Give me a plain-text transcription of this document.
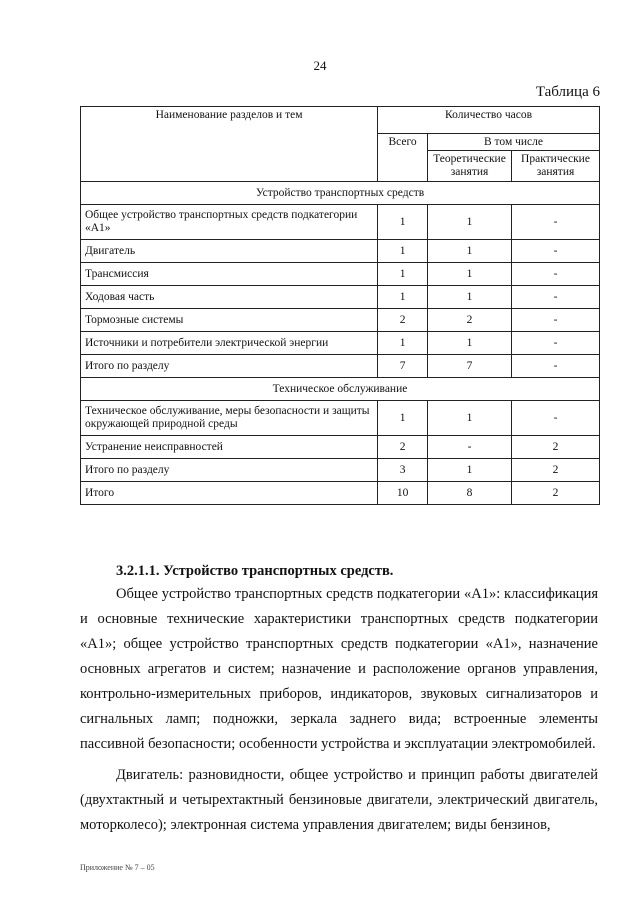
24
Таблица 6
Наименование разделов и тем	Количество часов		
	Всего	В том числе	
		Теоретические занятия	Практические занятия
Устройство транспортных средств			
Общее устройство транспортных средств подкатегории «А1»	1	1	-
Двигатель	1	1	-
Трансмиссия	1	1	-
Ходовая часть	1	1	-
Тормозные системы	2	2	-
Источники и потребители электрической энергии	1	1	-
Итого по разделу	7	7	-
Техническое обслуживание			
Техническое обслуживание, меры безопасности и защиты окружающей природной среды	1	1	-
Устранение неисправностей	2	-	2
Итого по разделу	3	1	2
Итого	10	8	2
3.2.1.1. Устройство транспортных средств.

Общее устройство транспортных средств подкатегории «А1»: классификация и основные технические характеристики транспортных средств подкатегории «А1»; общее устройство транспортных средств подкатегории «А1», назначение основных агрегатов и систем; назначение и расположение органов управления, контрольно-измерительных приборов, индикаторов, звуковых сигнализаторов и сигнальных ламп; подножки, зеркала заднего вида; встроенные элементы пассивной безопасности; особенности устройства и эксплуатации электромобилей.

Двигатель: разновидности, общее устройство и принцип работы двигателей (двухтактный и четырехтактный бензиновые двигатели, электрический двигатель, моторколесо); электронная система управления двигателем; виды бензинов,

Приложение № 7 – 05
